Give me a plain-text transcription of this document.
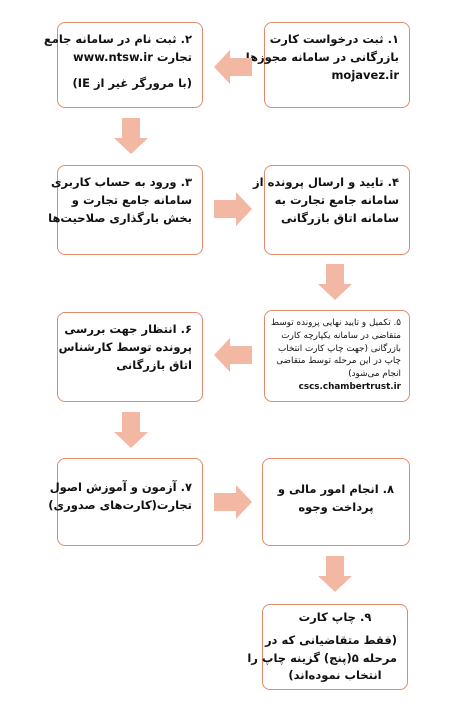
۱. ثبت درخواست کارت
بازرگانی در سامانه مجوزها
mojavez.ir
۲. ثبت نام در سامانه جامع
تجارت www.ntsw.ir
(با مرورگر غیر از IE)
۳. ورود به حساب کاربری
سامانه جامع تجارت و
بخش بارگذاری صلاحیت‌ها
۴. تایید و ارسال پرونده از
سامانه جامع تجارت به
سامانه اتاق بازرگانی
۵. تکمیل و تایید نهایی پرونده توسط
متقاضی در سامانه یکپارچه کارت
بازرگانی (جهت چاپ کارت انتخاب
چاپ در این مرحله توسط متقاضی
انجام می‌شود)
cscs.chambertrust.ir
۶. انتظار جهت بررسی
پرونده توسط کارشناس
اتاق بازرگانی
۷. آزمون و آموزش اصول
تجارت(کارت‌های صدوری)
۸. انجام امور مالی و
پرداخت وجوه
۹. چاپ کارت
(فقط متقاضیانی که در
مرحله ۵(پنج) گزینه چاپ را
انتخاب نموده‌اند)
